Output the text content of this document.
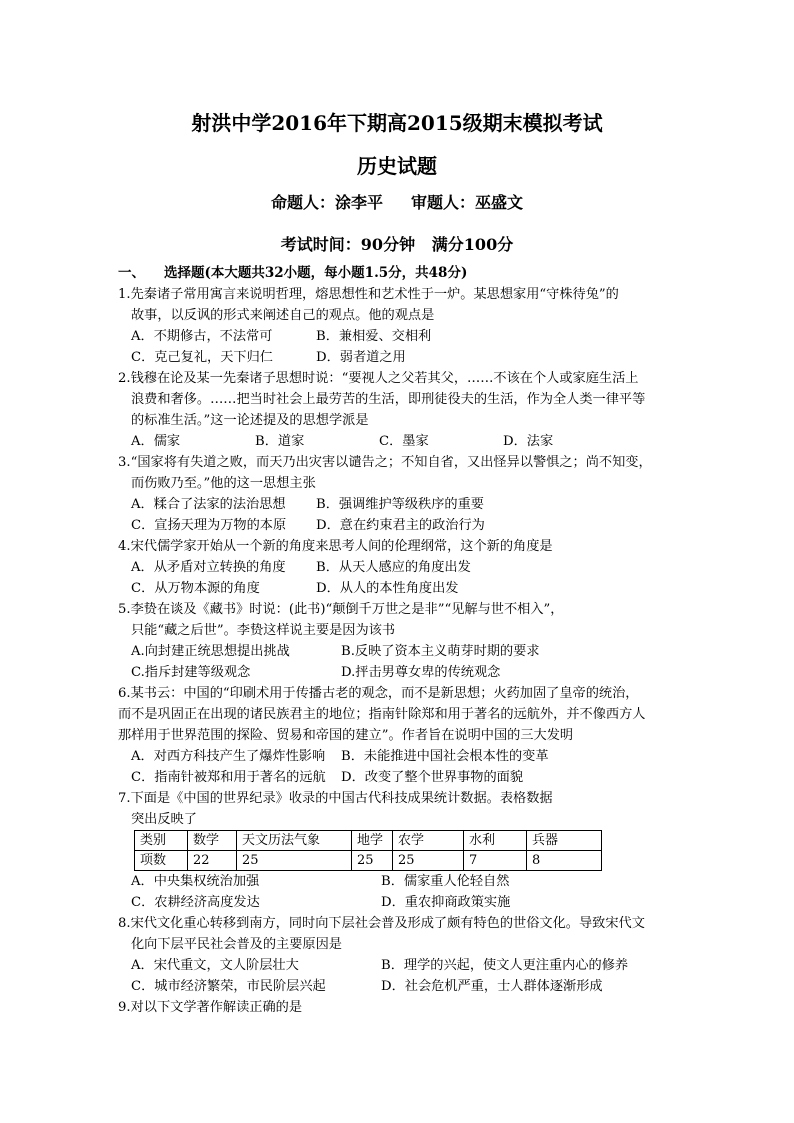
射洪中学2016年下期高2015级期末模拟考试
历史试题
命题人：涂李平 审题人：巫盛文
考试时间：90分钟 满分100分
一、 选择题(本大题共32小题，每小题1.5分，共48分)

1.先秦诸子常用寓言来说明哲理，熔思想性和艺术性于一炉。某思想家用“守株待兔”的

故事，以反讽的形式来阐述自己的观点。他的观点是

A．不期修古，不法常可	B．兼相爱、交相利
C．克己复礼，天下归仁	D．弱者道之用

2.钱穆在论及某一先秦诸子思想时说：“要视人之父若其父，……不该在个人或家庭生活上

浪费和奢侈。……把当时社会上最劳苦的生活，即刑徒役夫的生活，作为全人类一律平等

的标准生活。”这一论述提及的思想学派是

A．儒家	B．道家	C．墨家	D．法家

3.“国家将有失道之败，而天乃出灾害以谴告之；不知自省，又出怪异以警惧之；尚不知变，

而伤败乃至。”他的这一思想主张

A．糅合了法家的法治思想	B．强调维护等级秩序的重要
C．宣扬天理为万物的本原	D．意在约束君主的政治行为

4.宋代儒学家开始从一个新的角度来思考人间的伦理纲常，这个新的角度是

A．从矛盾对立转换的角度	B．从天人感应的角度出发
C．从万物本源的角度	D．从人的本性角度出发

5.李贽在谈及《藏书》时说：(此书)“颠倒千万世之是非”“见解与世不相入”，

只能“藏之后世”。李贽这样说主要是因为该书

A.向封建正统思想提出挑战	B.反映了资本主义萌芽时期的要求
C.指斥封建等级观念	D.抨击男尊女卑的传统观念

6.某书云：中国的“印刷术用于传播古老的观念，而不是新思想；火药加固了皇帝的统治，

而不是巩固正在出现的诸民族君主的地位；指南针除郑和用于著名的远航外，并不像西方人

那样用于世界范围的探险、贸易和帝国的建立”。作者旨在说明中国的三大发明

A．对西方科技产生了爆炸性影响	B．未能推进中国社会根本性的变革
C．指南针被郑和用于著名的远航	D．改变了整个世界事物的面貌

7.下面是《中国的世界纪录》收录的中国古代科技成果统计数据。表格数据

突出反映了

类别	数学	天文历法气象	地学	农学	水利	兵器
项数	22	25	25	25	7	8
A．中央集权统治加强	B．儒家重人伦轻自然
C．农耕经济高度发达	D．重农抑商政策实施

8.宋代文化重心转移到南方，同时向下层社会普及形成了颇有特色的世俗文化。导致宋代文

化向下层平民社会普及的主要原因是

A．宋代重文，文人阶层壮大	B．理学的兴起，使文人更注重内心的修养
C．城市经济繁荣，市民阶层兴起	D．社会危机严重，士人群体逐渐形成

9.对以下文学著作解读正确的是
